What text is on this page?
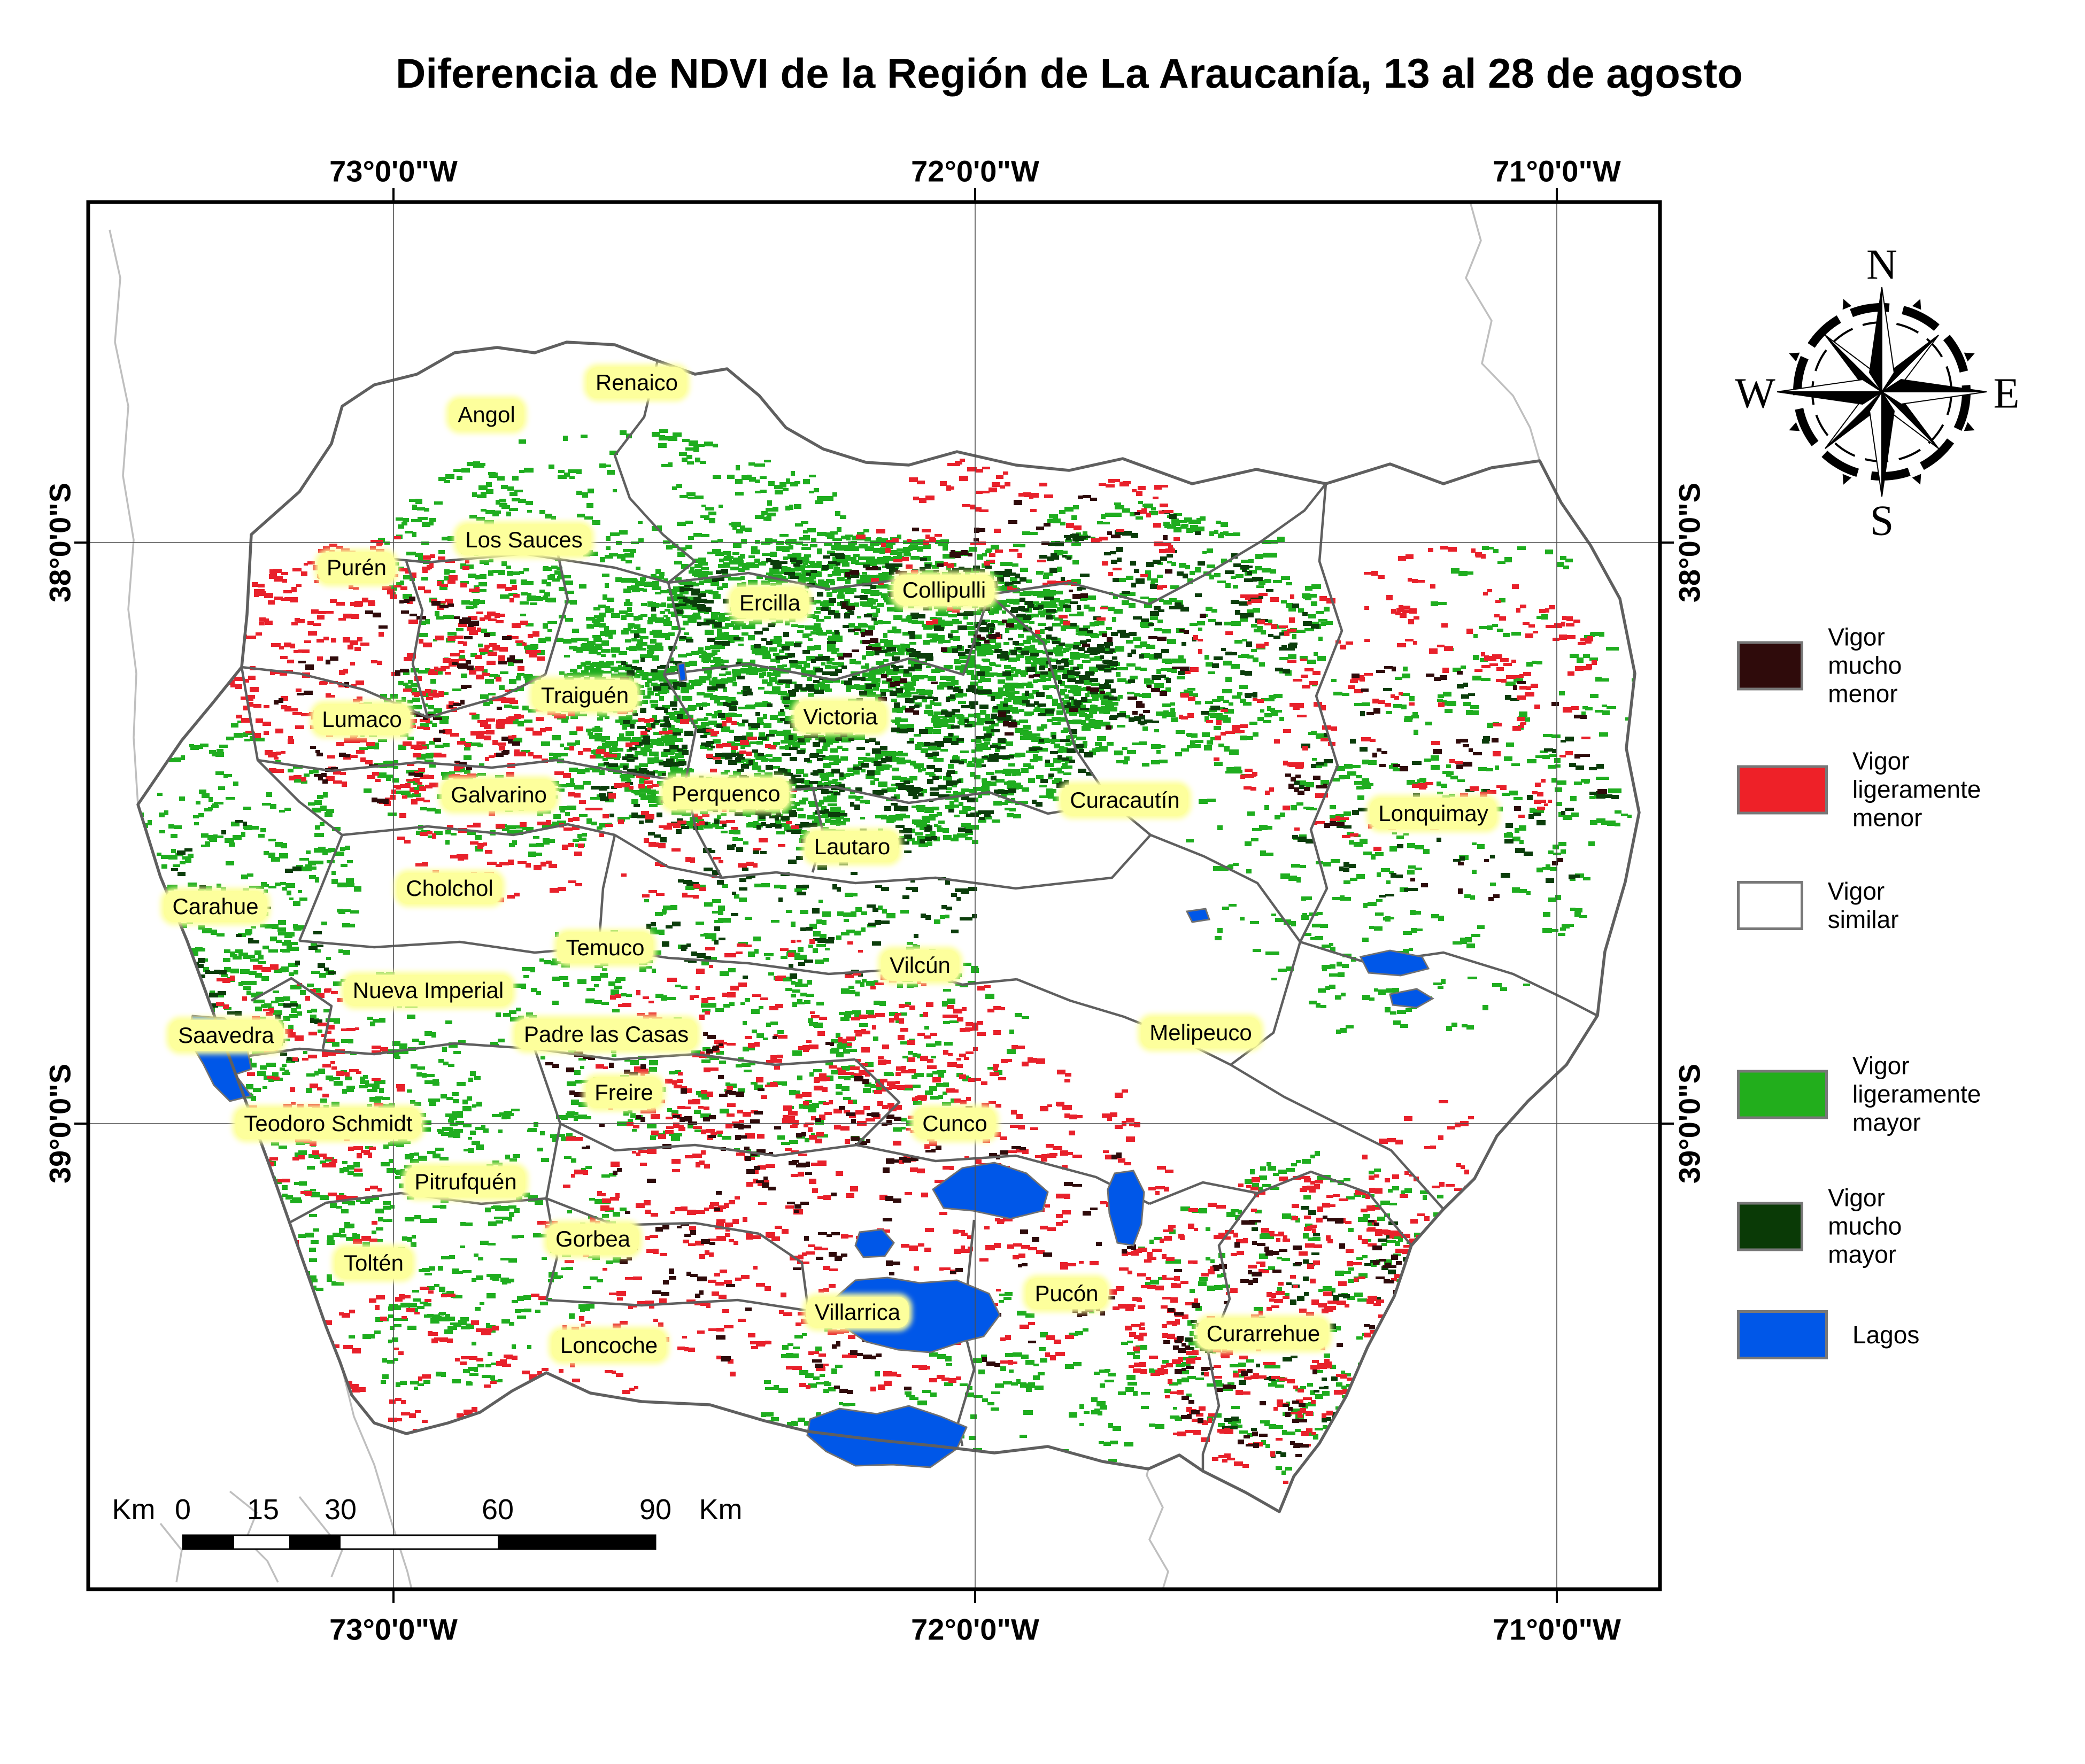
Diferencia de NDVI de la Región de La Araucanía, 13 al 28 de agosto
Km 0 15 30	60	90 Km
73°0'0"W	72°0'0"W	71°0'0"W
73°0'0"W	72°0'0"W	71°0'0"W
38°0'0"S
39°0'0"S
38°0'0"S
39°0'0"S
Renaico
Angol
Los Sauces
Purén
Ercilla
Collipulli
Traiguén
Victoria
Lumaco
Galvarino	Perquenco	Curacautín
Lonquimay
Lautaro
Cholchol
Carahue
Temuco
Vilcún
Nueva Imperial
Saavedra	Padre las Casas	Melipeuco
Freire
Teodoro Schmidt	Cunco
Pitrufquén
Gorbea
Toltén
Villarrica
Pucón
Loncoche	Curarrehue
Vigor mucho
menor
Vigor
ligeramente
menor
Vigor similar
Vigor
ligeramente
mayor
Vigor mucho
mayor
Lagos
N
E
S
W
